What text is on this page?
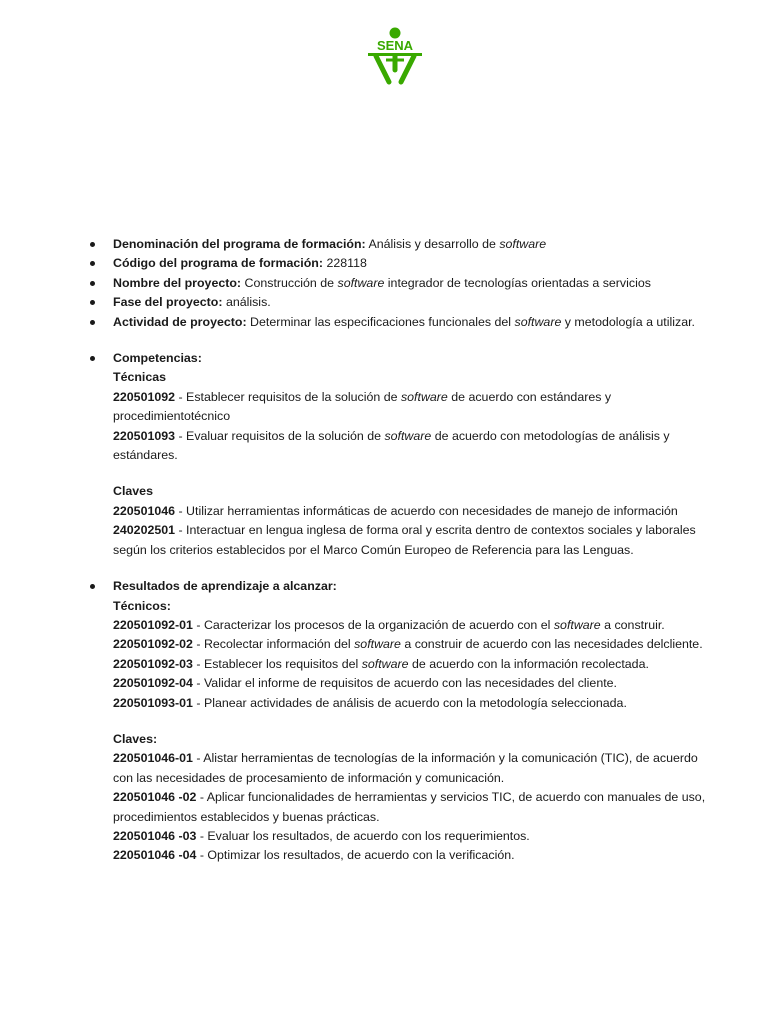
SENA
Denominación del programa de formación: Análisis y desarrollo de software
Código del programa de formación: 228118
Nombre del proyecto: Construcción de software integrador de tecnologías orientadas a servicios
Fase del proyecto: análisis.
Actividad de proyecto: Determinar las especificaciones funcionales del software y metodología a utilizar.
Competencias:
Técnicas
220501092 - Establecer requisitos de la solución de software de acuerdo con estándares y procedimientotécnico
220501093 - Evaluar requisitos de la solución de software de acuerdo con metodologías de análisis y estándares.
Claves
220501046 - Utilizar herramientas informáticas de acuerdo con necesidades de manejo de información
240202501 - Interactuar en lengua inglesa de forma oral y escrita dentro de contextos sociales y laborales según los criterios establecidos por el Marco Común Europeo de Referencia para las Lenguas.
Resultados de aprendizaje a alcanzar:
Técnicos:
220501092-01 - Caracterizar los procesos de la organización de acuerdo con el software a construir.
220501092-02 - Recolectar información del software a construir de acuerdo con las necesidades delcliente.
220501092-03 - Establecer los requisitos del software de acuerdo con la información recolectada.
220501092-04 - Validar el informe de requisitos de acuerdo con las necesidades del cliente.
220501093-01 - Planear actividades de análisis de acuerdo con la metodología seleccionada.
Claves:
220501046-01 - Alistar herramientas de tecnologías de la información y la comunicación (TIC), de acuerdo con las necesidades de procesamiento de información y comunicación.
220501046 -02 - Aplicar funcionalidades de herramientas y servicios TIC, de acuerdo con manuales de uso, procedimientos establecidos y buenas prácticas.
220501046 -03 - Evaluar los resultados, de acuerdo con los requerimientos.
220501046 -04 - Optimizar los resultados, de acuerdo con la verificación.
